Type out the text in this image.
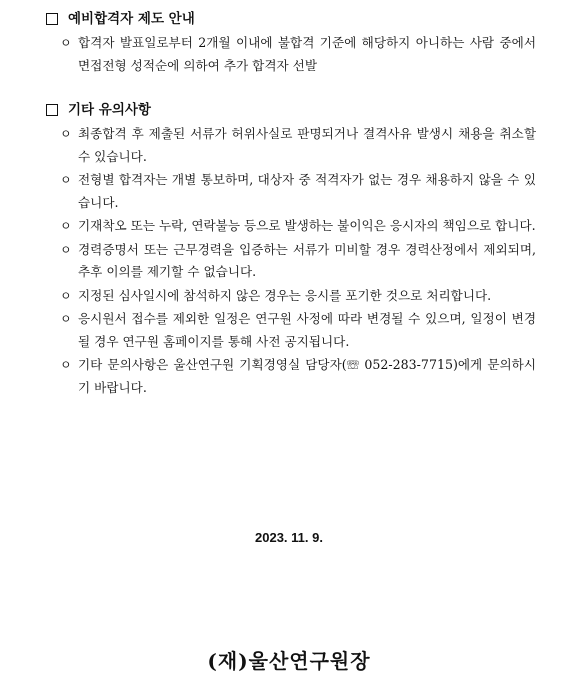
예비합격자 제도 안내
ㅇ 합격자 발표일로부터 2개월 이내에 불합격 기준에 해당하지 아니하는 사람 중에서 면접전형 성적순에 의하여 추가 합격자 선발
기타 유의사항
ㅇ 최종합격 후 제출된 서류가 허위사실로 판명되거나 결격사유 발생시 채용을 취소할 수 있습니다.
ㅇ 전형별 합격자는 개별 통보하며, 대상자 중 적격자가 없는 경우 채용하지 않을 수 있습니다.
ㅇ 기재착오 또는 누락, 연락불능 등으로 발생하는 불이익은 응시자의 책임으로 합니다.
ㅇ 경력증명서 또는 근무경력을 입증하는 서류가 미비할 경우 경력산정에서 제외되며, 추후 이의를 제기할 수 없습니다.
ㅇ 지정된 심사일시에 참석하지 않은 경우는 응시를 포기한 것으로 처리합니다.
ㅇ 응시원서 접수를 제외한 일정은 연구원 사정에 따라 변경될 수 있으며, 일정이 변경될 경우 연구원 홈페이지를 통해 사전 공지됩니다.
ㅇ 기타 문의사항은 울산연구원 기획경영실 담당자(☏ 052-283-7715)에게 문의하시기 바랍니다.
2023. 11. 9.
(재)울산연구원장
